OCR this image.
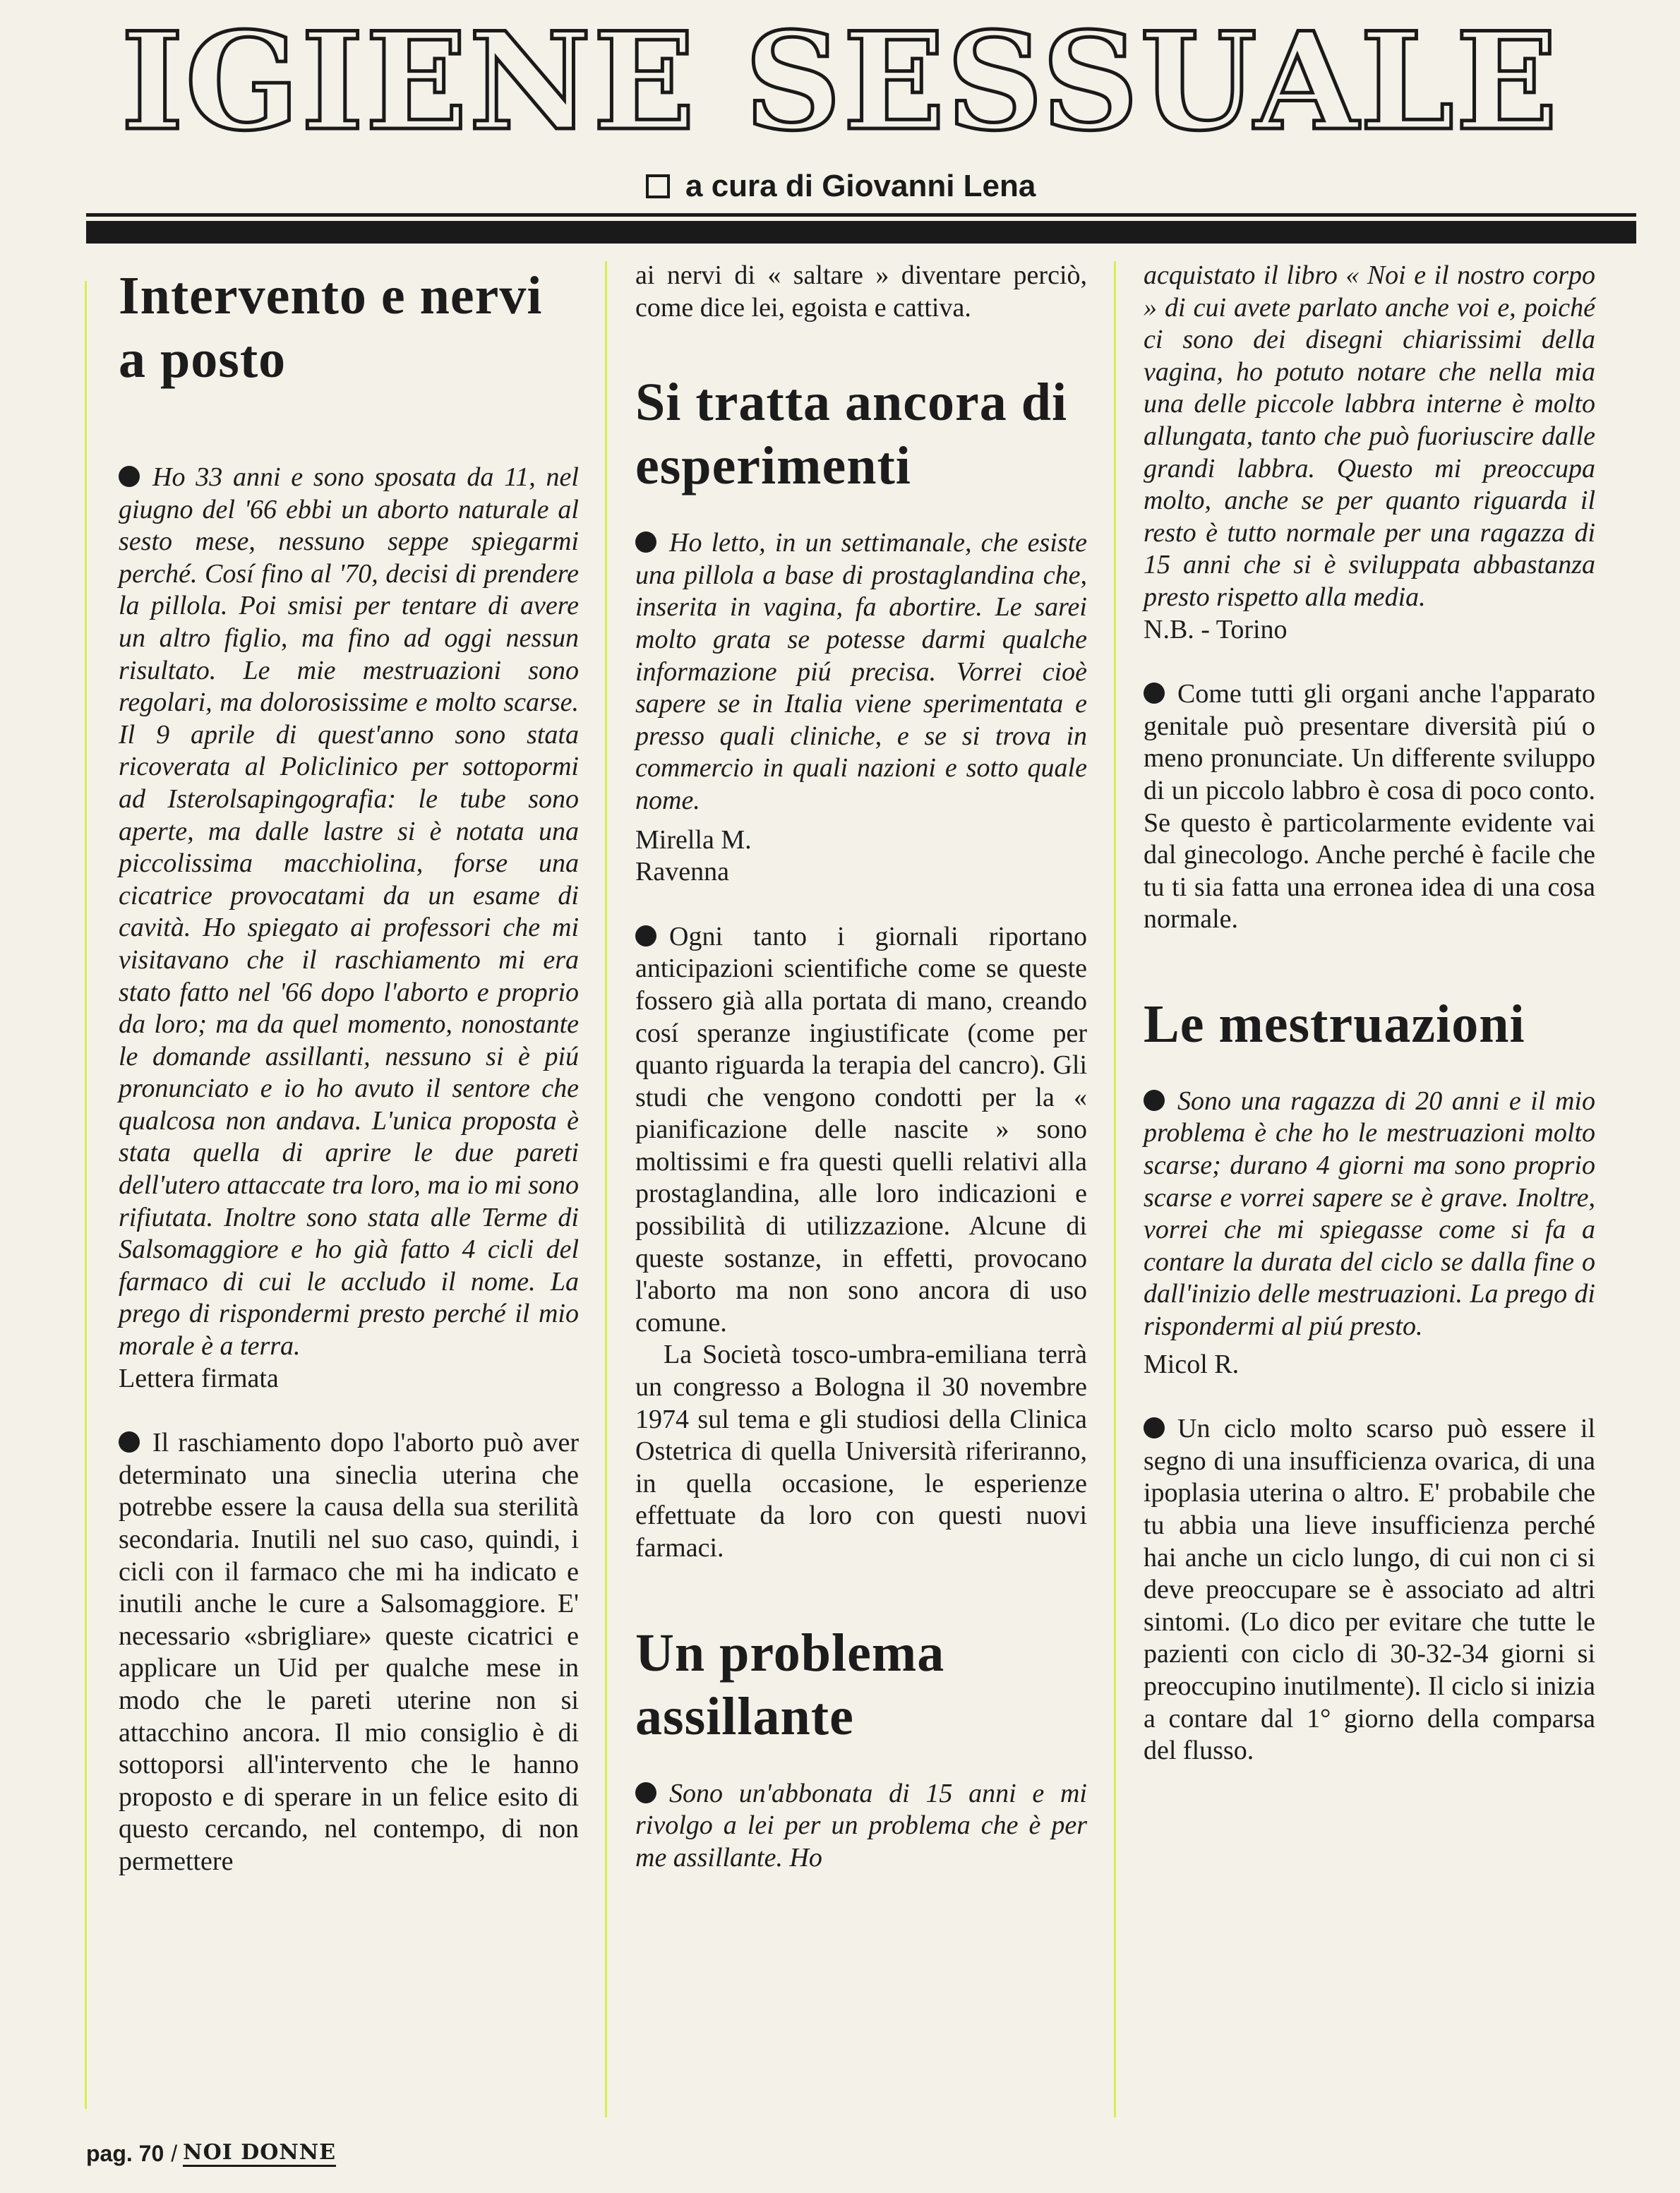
IGIENE SESSUALE
a cura di Giovanni Lena
Intervento e nervi a posto

Ho 33 anni e sono sposata da 11, nel giugno del '66 ebbi un aborto naturale al sesto mese, nessuno seppe spiegarmi perché. Cosí fino al '70, decisi di prendere la pillola. Poi smisi per tentare di avere un altro figlio, ma fino ad oggi nessun risultato. Le mie mestruazioni sono regolari, ma dolorosissime e molto scarse. Il 9 aprile di quest'anno sono stata ricoverata al Policlinico per sottopormi ad Isterolsapingografia: le tube sono aperte, ma dalle lastre si è notata una piccolissima macchiolina, forse una cicatrice provocatami da un esame di cavità. Ho spiegato ai professori che mi visitavano che il raschiamento mi era stato fatto nel '66 dopo l'aborto e proprio da loro; ma da quel momento, nonostante le domande assillanti, nessuno si è piú pronunciato e io ho avuto il sentore che qualcosa non andava. L'unica proposta è stata quella di aprire le due pareti dell'utero attaccate tra loro, ma io mi sono rifiutata. Inoltre sono stata alle Terme di Salsomaggiore e ho già fatto 4 cicli del farmaco di cui le accludo il nome. La prego di rispondermi presto perché il mio morale è a terra.

Lettera firmata

Il raschiamento dopo l'aborto può aver determinato una sinecliа uterina che potrebbe essere la causa della sua sterilità secondaria. Inutili nel suo caso, quindi, i cicli con il farmaco che mi ha indicato e inutili anche le cure a Salsomaggiore. E' necessario «sbrigliare» queste cicatrici e applicare un Uid per qualche mese in modo che le pareti uterine non si attacchino ancora. Il mio consiglio è di sottoporsi all'intervento che le hanno proposto e di sperare in un felice esito di questo cercando, nel contempo, di non permettere

ai nervi di « saltare » diventare perciò, come dice lei, egoista e cattiva.

Si tratta ancora di esperimenti

Ho letto, in un settimanale, che esiste una pillola a base di prostaglandina che, inserita in vagina, fa abortire. Le sarei molto grata se potesse darmi qualche informazione piú precisa. Vorrei cioè sapere se in Italia viene sperimentata e presso quali cliniche, e se si trova in commercio in quali nazioni e sotto quale nome.

Mirella M.

Ravenna

Ogni tanto i giornali riportano anticipazioni scientifiche come se queste fossero già alla portata di mano, creando cosí speranze ingiustificate (come per quanto riguarda la terapia del cancro). Gli studi che vengono condotti per la « pianificazione delle nascite » sono moltissimi e fra questi quelli relativi alla prostaglandina, alle loro indicazioni e possibilità di utilizzazione. Alcune di queste sostanze, in effetti, provocano l'aborto ma non sono ancora di uso comune.

La Società tosco-umbra-emiliana terrà un congresso a Bologna il 30 novembre 1974 sul tema e gli studiosi della Clinica Ostetrica di quella Università riferiranno, in quella occasione, le esperienze effettuate da loro con questi nuovi farmaci.

Un problema assillante

Sono un'abbonata di 15 anni e mi rivolgo a lei per un problema che è per me assillante. Ho

acquistato il libro « Noi e il nostro corpo » di cui avete parlato anche voi e, poiché ci sono dei disegni chiarissimi della vagina, ho potuto notare che nella mia una delle piccole labbra interne è molto allungata, tanto che può fuoriuscire dalle grandi labbra. Questo mi preoccupa molto, anche se per quanto riguarda il resto è tutto normale per una ragazza di 15 anni che si è sviluppata abbastanza presto rispetto alla media.

N.B. - Torino

Come tutti gli organi anche l'apparato genitale può presentare diversità piú o meno pronunciate. Un differente sviluppo di un piccolo labbro è cosa di poco conto. Se questo è particolarmente evidente vai dal ginecologo. Anche perché è facile che tu ti sia fatta una erronea idea di una cosa normale.

Le mestruazioni

Sono una ragazza di 20 anni e il mio problema è che ho le mestruazioni molto scarse; durano 4 giorni ma sono proprio scarse e vorrei sapere se è grave. Inoltre, vorrei che mi spiegasse come si fa a contare la durata del ciclo se dalla fine o dall'inizio delle mestruazioni. La prego di rispondermi al piú presto.

Micol R.

Un ciclo molto scarso può essere il segno di una insufficienza ovarica, di una ipoplasia uterina o altro. E' probabile che tu abbia una lieve insufficienza perché hai anche un ciclo lungo, di cui non ci si deve preoccupare se è associato ad altri sintomi. (Lo dico per evitare che tutte le pazienti con ciclo di 30-32-34 giorni si preoccupino inutilmente). Il ciclo si inizia a contare dal 1° giorno della comparsa del flusso.

pag. 70 / NOI DONNE
